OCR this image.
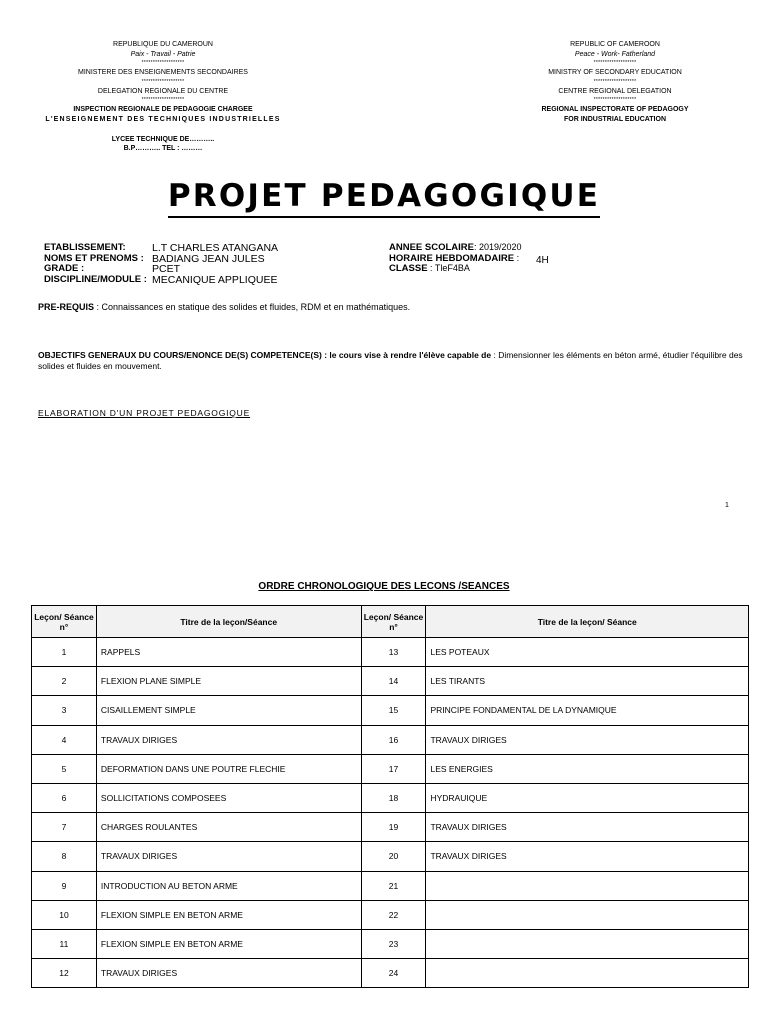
REPUBLIQUE DU CAMEROUN
Paix - Travail - Patrie
*******************
MINISTERE DES ENSEIGNEMENTS SECONDAIRES
*******************
DELEGATION REGIONALE DU CENTRE
*******************
INSPECTION REGIONALE DE PEDAGOGIE CHARGEE
L'ENSEIGNEMENT DES TECHNIQUES INDUSTRIELLES
LYCEE TECHNIQUE DE………..
B.P……….. TEL : ………
REPUBLIC OF CAMEROON
Peace - Work- Fatherland
*******************
MINISTRY OF SECONDARY EDUCATION
*******************
CENTRE REGIONAL DELEGATION
*******************
REGIONAL INSPECTORATE OF PEDAGOGY
FOR INDUSTRIAL EDUCATION
PROJET PEDAGOGIQUE
ETABLISSEMENT:	L.T CHARLES ATANGANA	ANNEE SCOLAIRE: 2019/2020
NOMS ET PRENOMS : BADIANG JEAN JULES	HORAIRE HEBDOMADAIRE : 4H
GRADE :	PCET	CLASSE : TleF4BA
DISCIPLINE/MODULE : MECANIQUE APPLIQUEE
PRE-REQUIS : Connaissances en statique des solides et fluides, RDM et en mathématiques.
OBJECTIFS GENERAUX DU COURS/ENONCE DE(S) COMPETENCE(S) : le cours vise à rendre l'élève capable de : Dimensionner les éléments en béton armé, étudier l'équilibre des solides et fluides en mouvement.
ELABORATION D'UN PROJET PEDAGOGIQUE
1
ORDRE CHRONOLOGIQUE DES LECONS /SEANCES
Leçon/ Séance n°	Titre de la leçon/Séance	Leçon/ Séance n°	Titre de la leçon/ Séance
1	RAPPELS	13	LES POTEAUX
2	FLEXION PLANE SIMPLE	14	LES TIRANTS
3	CISAILLEMENT SIMPLE	15	PRINCIPE FONDAMENTAL DE LA DYNAMIQUE
4	TRAVAUX DIRIGES	16	TRAVAUX DIRIGES
5	DEFORMATION DANS UNE POUTRE FLECHIE	17	LES ENERGIES
6	SOLLICITATIONS COMPOSEES	18	HYDRAUIQUE
7	CHARGES ROULANTES	19	TRAVAUX DIRIGES
8	TRAVAUX DIRIGES	20	TRAVAUX DIRIGES
9	INTRODUCTION AU BETON ARME	21	
10	FLEXION SIMPLE EN BETON ARME	22	
11	FLEXION SIMPLE EN BETON ARME	23	
12	TRAVAUX DIRIGES	24	
